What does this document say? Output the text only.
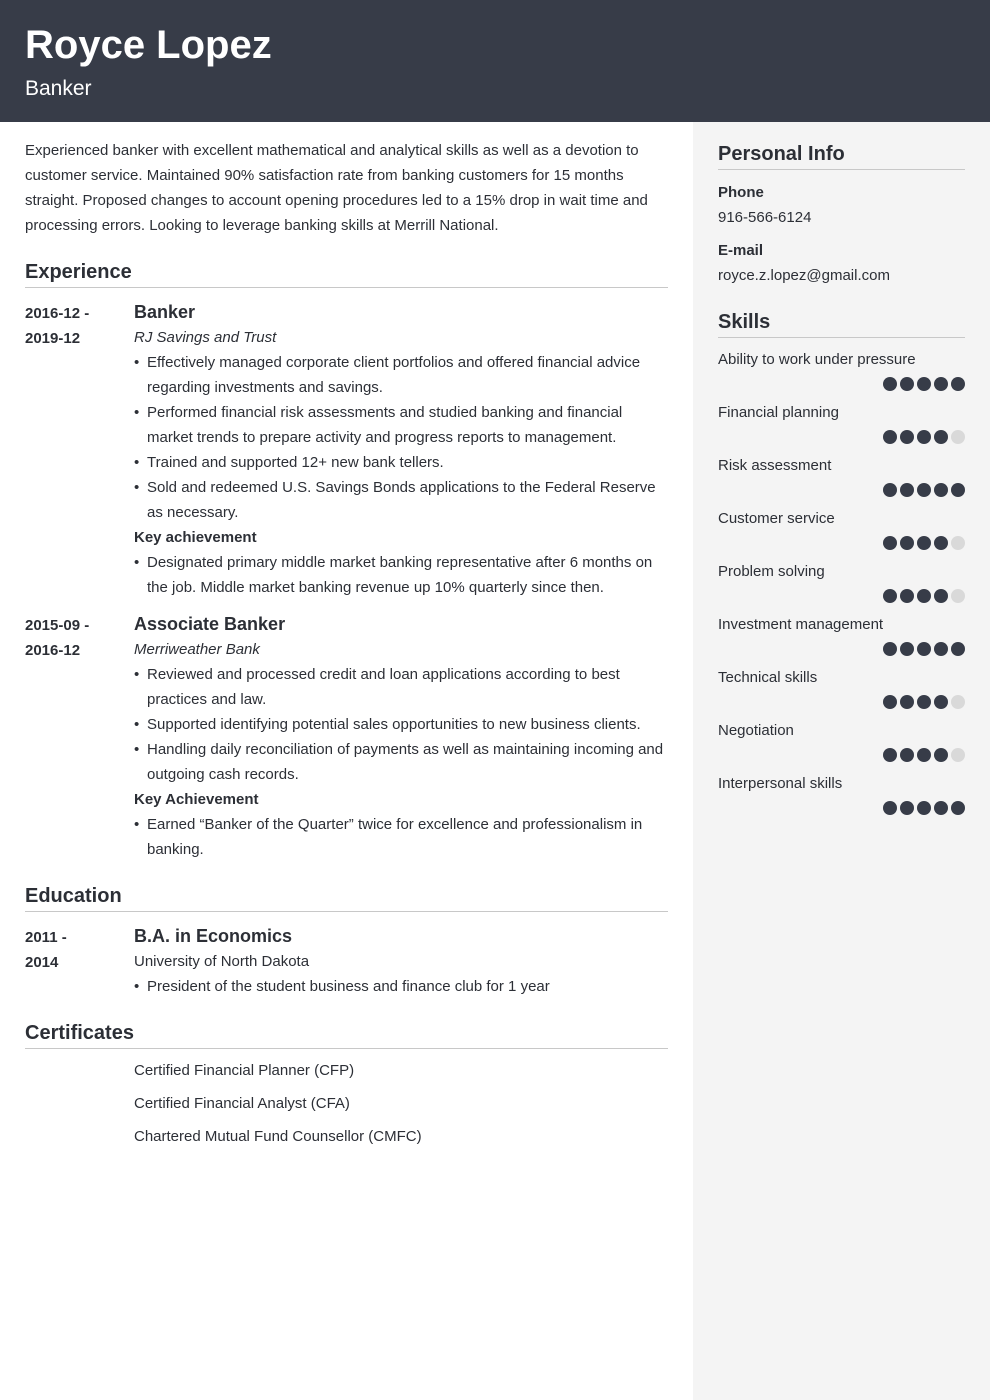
Royce Lopez
Banker

Experienced banker with excellent mathematical and analytical skills as well as a devotion to customer service. Maintained 90% satisfaction rate from banking customers for 15 months straight. Proposed changes to account opening procedures led to a 15% drop in wait time and processing errors. Looking to leverage banking skills at Merrill National.

Experience
2016-12 -
2019-12
Banker
RJ Savings and Trust
• Effectively managed corporate client portfolios and offered financial advice regarding investments and savings.
• Performed financial risk assessments and studied banking and financial market trends to prepare activity and progress reports to management.
• Trained and supported 12+ new bank tellers.
• Sold and redeemed U.S. Savings Bonds applications to the Federal Reserve as necessary.
Key achievement
• Designated primary middle market banking representative after 6 months on the job. Middle market banking revenue up 10% quarterly since then.
2015-09 -
2016-12
Associate Banker
Merriweather Bank
• Reviewed and processed credit and loan applications according to best practices and law.
• Supported identifying potential sales opportunities to new business clients.
• Handling daily reconciliation of payments as well as maintaining incoming and outgoing cash records.
Key Achievement
• Earned “Banker of the Quarter” twice for excellence and professionalism in banking.
Education
2011 -
2014
B.A. in Economics
University of North Dakota
• President of the student business and finance club for 1 year
Certificates
Certified Financial Planner (CFP)
Certified Financial Analyst (CFA)
Chartered Mutual Fund Counsellor (CMFC)
Personal Info
Phone
916-566-6124
E-mail
royce.z.lopez@gmail.com
Skills
Ability to work under pressure
Financial planning
Risk assessment
Customer service
Problem solving
Investment management
Technical skills
Negotiation
Interpersonal skills
